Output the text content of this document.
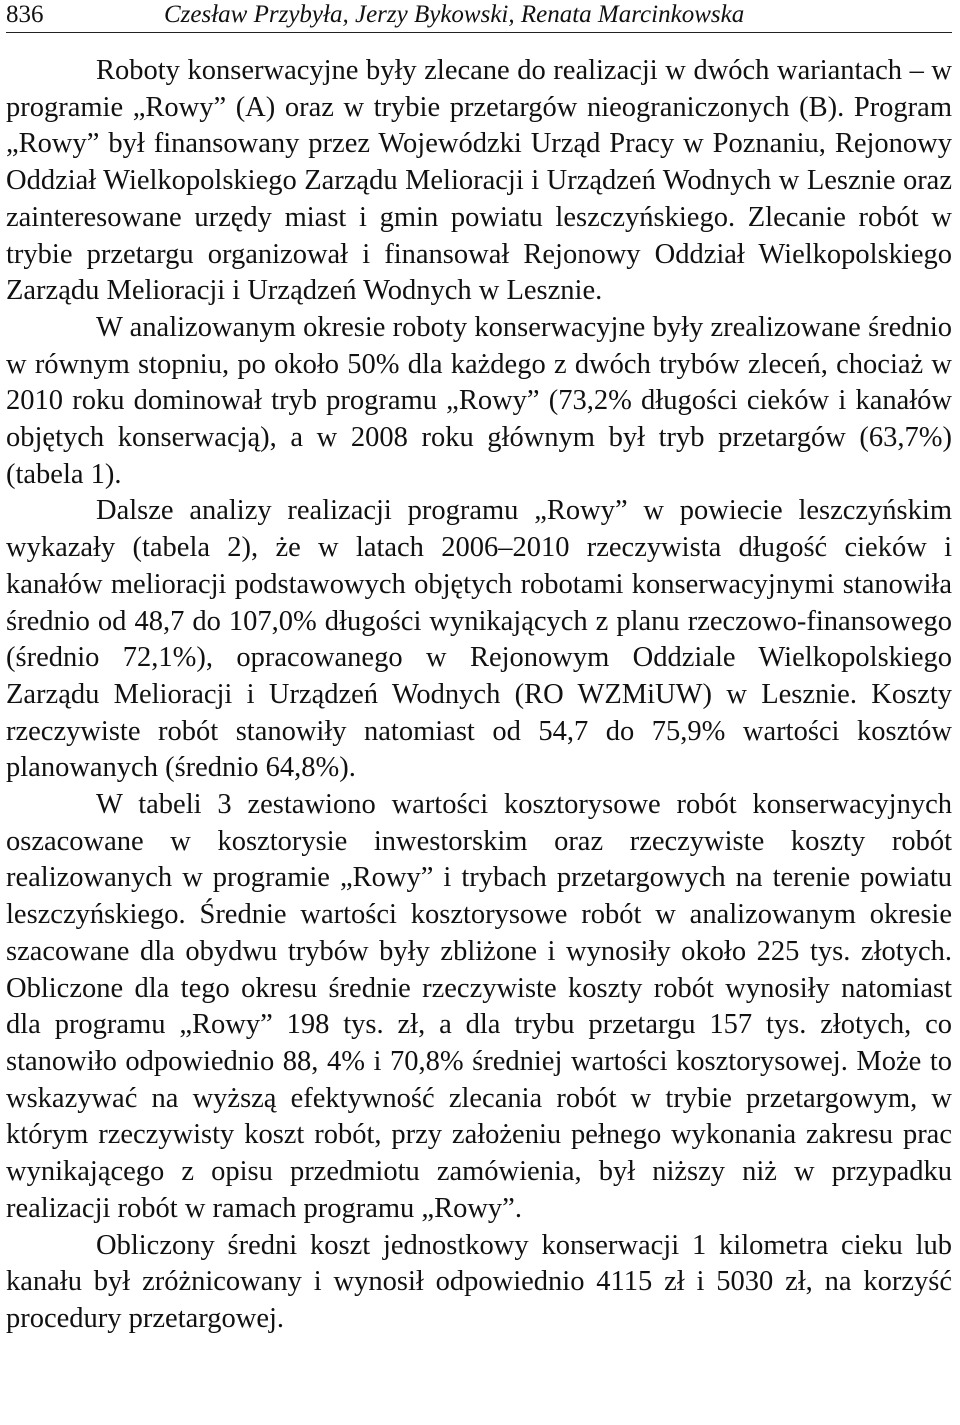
836	Czesław Przybyła, Jerzy Bykowski, Renata Marcinkowska

Roboty konserwacyjne były zlecane do realizacji w dwóch wariantach – w programie „Rowy” (A) oraz w trybie przetargów nieograniczonych (B). Program „Rowy” był finansowany przez Wojewódzki Urząd Pracy w Poznaniu, Rejonowy Oddział Wielkopolskiego Zarządu Melioracji i Urządzeń Wodnych w Lesznie oraz zainteresowane urzędy miast i gmin powiatu leszczyńskiego. Zlecanie robót w trybie przetargu organizował i finansował Rejonowy Oddział Wielkopolskiego Zarządu Melioracji i Urządzeń Wodnych w Lesznie.

W analizowanym okresie roboty konserwacyjne były zrealizowane średnio w równym stopniu, po około 50% dla każdego z dwóch trybów zleceń, chociaż w 2010 roku dominował tryb programu „Rowy” (73,2% długości cieków i kanałów objętych konserwacją), a w 2008 roku głównym był tryb przetargów (63,7%) (tabela 1).

Dalsze analizy realizacji programu „Rowy” w powiecie leszczyńskim wykazały (tabela 2), że w latach 2006–2010 rzeczywista długość cieków i kanałów melioracji podstawowych objętych robotami konserwacyjnymi stanowiła średnio od 48,7 do 107,0% długości wynikających z planu rzeczowo-finansowego (średnio 72,1%), opracowanego w Rejonowym Oddziale Wielkopolskiego Zarządu Melioracji i Urządzeń Wodnych (RO WZMiUW) w Lesznie. Koszty rzeczywiste robót stanowiły natomiast od 54,7 do 75,9% wartości kosztów planowanych (średnio 64,8%).

W tabeli 3 zestawiono wartości kosztorysowe robót konserwacyjnych oszacowane w kosztorysie inwestorskim oraz rzeczywiste koszty robót realizowanych w programie „Rowy” i trybach przetargowych na terenie powiatu leszczyńskiego. Średnie wartości kosztorysowe robót w analizowanym okresie szacowane dla obydwu trybów były zbliżone i wynosiły około 225 tys. złotych. Obliczone dla tego okresu średnie rzeczywiste koszty robót wynosiły natomiast dla programu „Rowy” 198 tys. zł, a dla trybu przetargu 157 tys. złotych, co stanowiło odpowiednio 88, 4% i 70,8% średniej wartości kosztorysowej. Może to wskazywać na wyższą efektywność zlecania robót w trybie przetargowym, w którym rzeczywisty koszt robót, przy założeniu pełnego wykonania zakresu prac wynikającego z opisu przedmiotu zamówienia, był niższy niż w przypadku realizacji robót w ramach programu „Rowy”.

Obliczony średni koszt jednostkowy konserwacji 1 kilometra cieku lub kanału był zróżnicowany i wynosił odpowiednio 4115 zł i 5030 zł, na korzyść procedury przetargowej.
